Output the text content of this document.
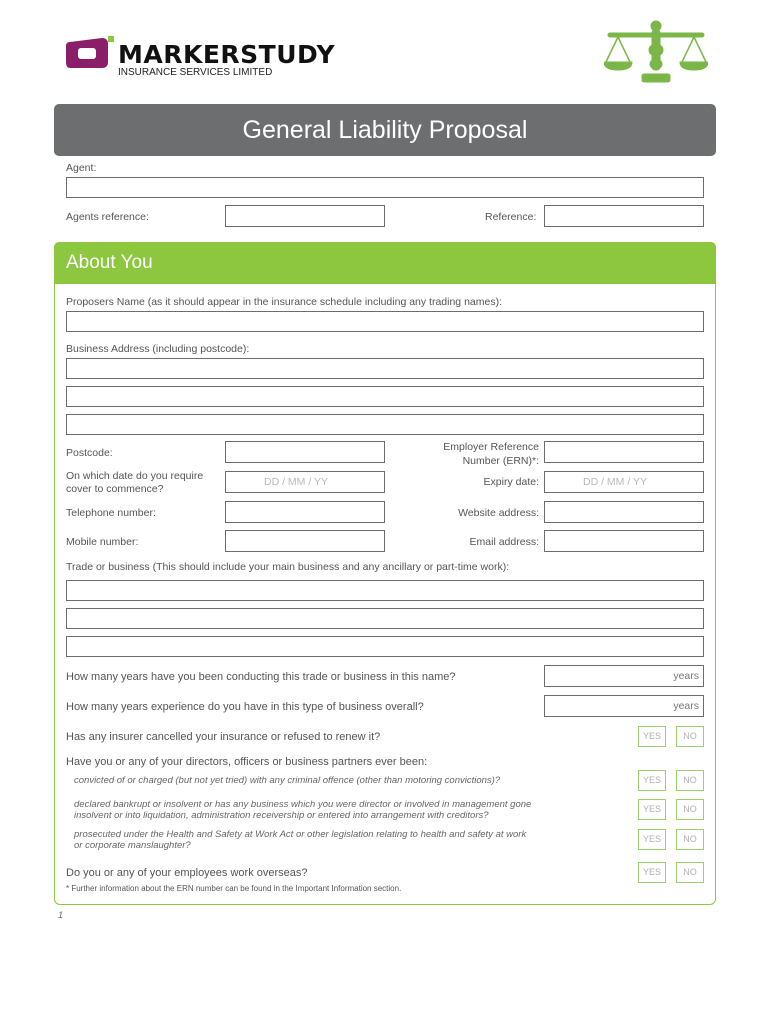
MARKERSTUDY
INSURANCE SERVICES LIMITED
General Liability Proposal
Agent:
Agents reference:	Reference:
About You
Proposers Name (as it should appear in the insurance schedule including any trading names):
Business Address (including postcode):
Postcode:	Employer Reference
Number (ERN)*:
On which date do you require
cover to commence?
DD / MM / YY	Expiry date:	DD / MM / YY
Telephone number:	Website address:
Mobile number:	Email address:
Trade or business (This should include your main business and any ancillary or part-time work):
How many years have you been conducting this trade or business in this name?	years
How many years experience do you have in this type of business overall?	years
Has any insurer cancelled your insurance or refused to renew it?	YES	NO
Have you or any of your directors, officers or business partners ever been:
convicted of or charged (but not yet tried) with any criminal offence (other than motoring convictions)?	YES	NO
declared bankrupt or insolvent or has any business which you were director or involved in management gone
insolvent or into liquidation, administration receivership or entered into arrangement with creditors?
YES	NO
prosecuted under the Health and Safety at Work Act or other legislation relating to health and safety at work
or corporate manslaughter?
YES	NO
Do you or any of your employees work overseas?	YES	NO
* Further information about the ERN number can be found in the Important Information section.
1
